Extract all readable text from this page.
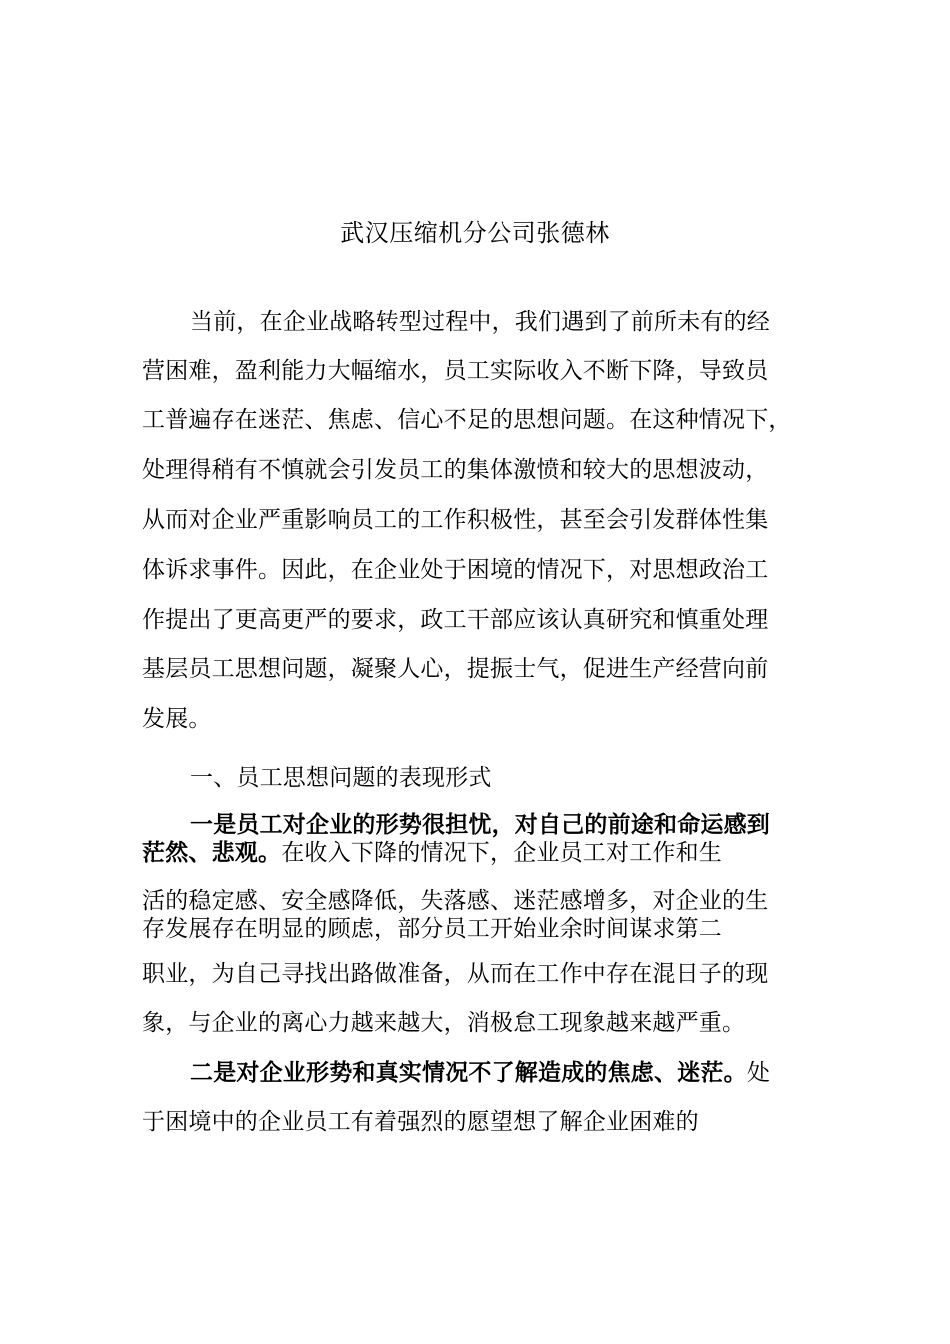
武汉压缩机分公司张德林
当前，在企业战略转型过程中，我们遇到了前所未有的经
营困难，盈利能力大幅缩水，员工实际收入不断下降，导致员
工普遍存在迷茫、焦虑、信心不足的思想问题。在这种情况下，
处理得稍有不慎就会引发员工的集体激愤和较大的思想波动，
从而对企业严重影响员工的工作积极性，甚至会引发群体性集
体诉求事件。因此，在企业处于困境的情况下，对思想政治工
作提出了更高更严的要求，政工干部应该认真研究和慎重处理
基层员工思想问题，凝聚人心，提振士气，促进生产经营向前
发展。
一、员工思想问题的表现形式
一是员工对企业的形势很担忧，对自己的前途和命运感到
茫然、悲观。在收入下降的情况下，企业员工对工作和生
活的稳定感、安全感降低，失落感、迷茫感增多，对企业的生
存发展存在明显的顾虑，部分员工开始业余时间谋求第二
职业，为自己寻找出路做准备，从而在工作中存在混日子的现
象，与企业的离心力越来越大，消极怠工现象越来越严重。
二是对企业形势和真实情况不了解造成的焦虑、迷茫。处
于困境中的企业员工有着强烈的愿望想了解企业困难的
